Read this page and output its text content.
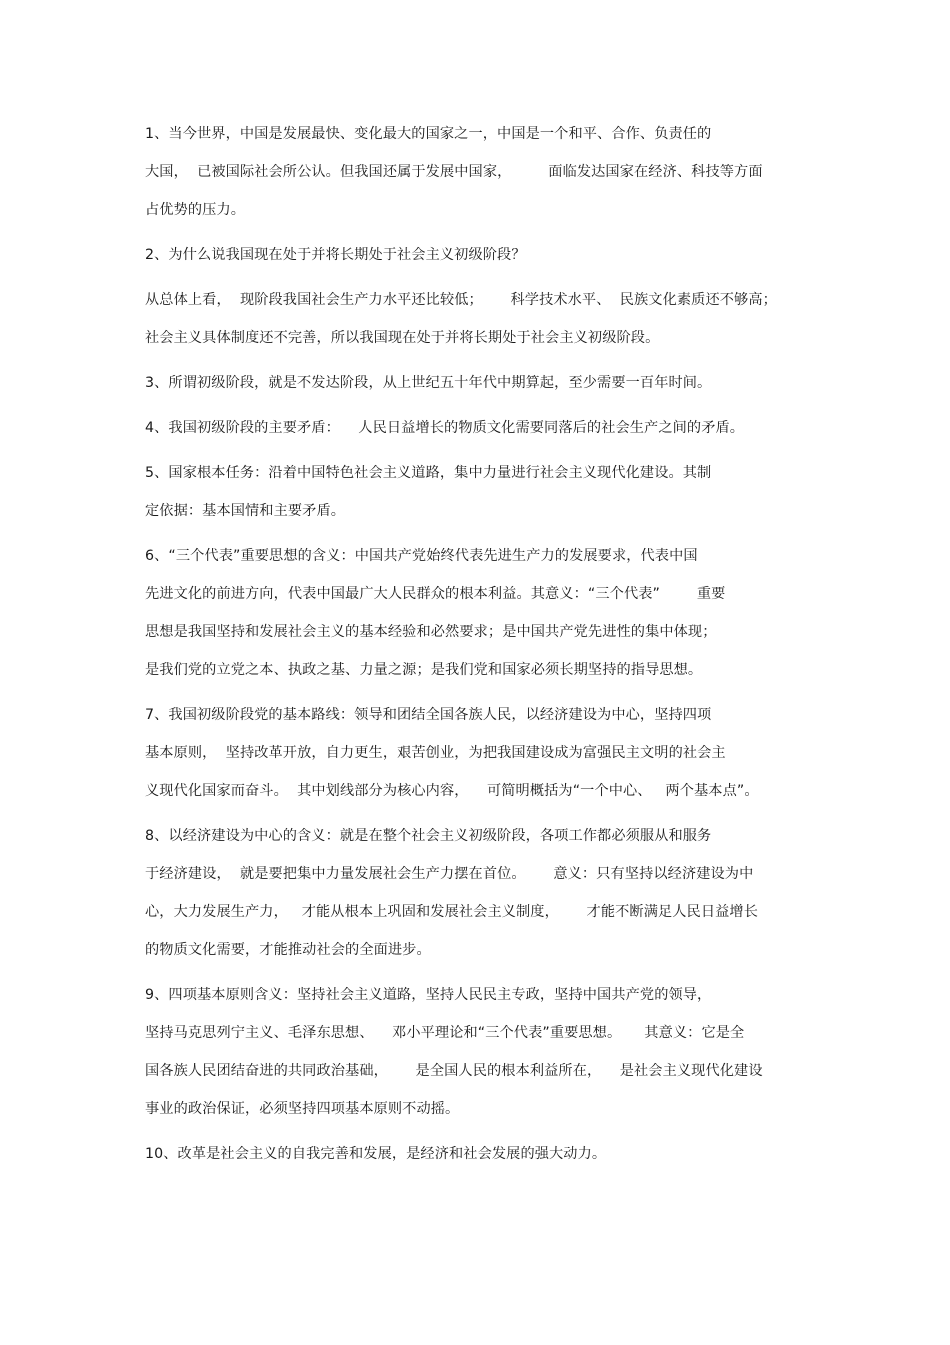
1、当今世界，中国是发展最快、变化最大的国家之一，中国是一个和平、合作、负责任的
大国，  已被国际社会所公认。但我国还属于发展中国家，        面临发达国家在经济、科技等方面
占优势的压力。
2、为什么说我国现在处于并将长期处于社会主义初级阶段？
从总体上看，  现阶段我国社会生产力水平还比较低；      科学技术水平、  民族文化素质还不够高；
社会主义具体制度还不完善，所以我国现在处于并将长期处于社会主义初级阶段。
3、所谓初级阶段，就是不发达阶段，从上世纪五十年代中期算起，至少需要一百年时间。
4、我国初级阶段的主要矛盾：    人民日益增长的物质文化需要同落后的社会生产之间的矛盾。
5、国家根本任务：沿着中国特色社会主义道路，集中力量进行社会主义现代化建设。其制
定依据：基本国情和主要矛盾。
6、“三个代表”重要思想的含义：中国共产党始终代表先进生产力的发展要求，代表中国
先进文化的前进方向，代表中国最广大人民群众的根本利益。其意义：“三个代表”        重要
思想是我国坚持和发展社会主义的基本经验和必然要求；是中国共产党先进性的集中体现；
是我们党的立党之本、执政之基、力量之源；是我们党和国家必须长期坚持的指导思想。
7、我国初级阶段党的基本路线：领导和团结全国各族人民，以经济建设为中心，坚持四项
基本原则，  坚持改革开放，自力更生，艰苦创业，为把我国建设成为富强民主文明的社会主
义现代化国家而奋斗。  其中划线部分为核心内容，    可简明概括为“一个中心、   两个基本点”。
8、以经济建设为中心的含义：就是在整个社会主义初级阶段，各项工作都必须服从和服务
于经济建设，  就是要把集中力量发展社会生产力摆在首位。      意义：只有坚持以经济建设为中
心，大力发展生产力，   才能从根本上巩固和发展社会主义制度，      才能不断满足人民日益增长
的物质文化需要，才能推动社会的全面进步。
9、四项基本原则含义：坚持社会主义道路，坚持人民民主专政，坚持中国共产党的领导，
坚持马克思列宁主义、毛泽东思想、    邓小平理论和“三个代表”重要思想。     其意义：它是全
国各族人民团结奋进的共同政治基础，      是全国人民的根本利益所在，    是社会主义现代化建设
事业的政治保证，必须坚持四项基本原则不动摇。
10、改革是社会主义的自我完善和发展，是经济和社会发展的强大动力。
